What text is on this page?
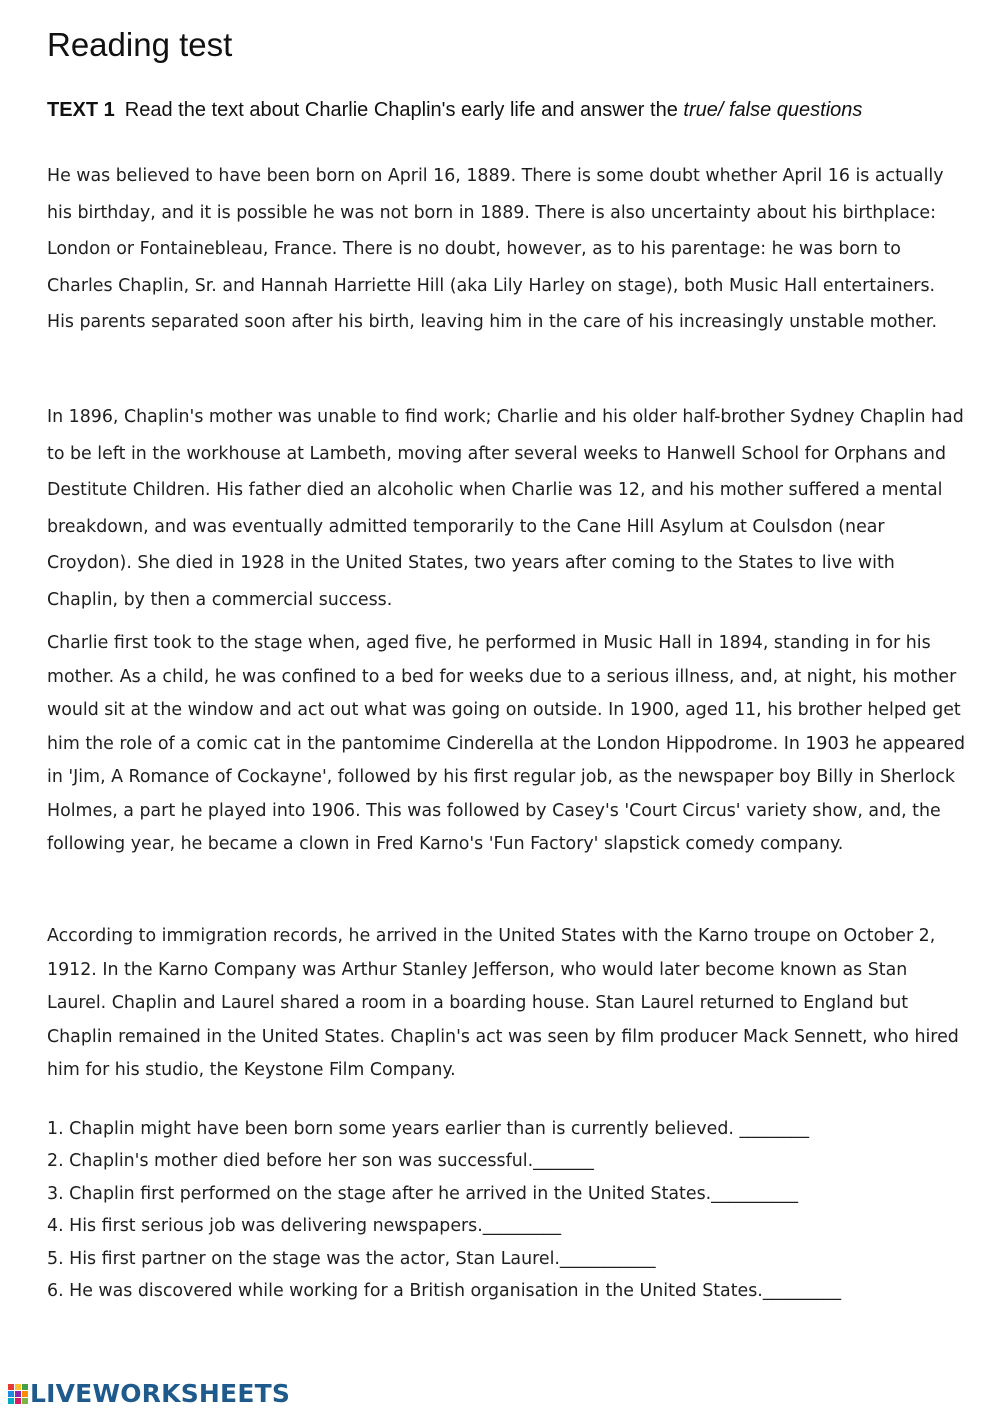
Reading test
TEXT 1 Read the text about Charlie Chaplin's early life and answer the true/ false questions

He was believed to have been born on April 16, 1889. There is some doubt whether April 16 is actually his birthday, and it is possible he was not born in 1889. There is also uncertainty about his birthplace: London or Fontainebleau, France. There is no doubt, however, as to his parentage: he was born to Charles Chaplin, Sr. and Hannah Harriette Hill (aka Lily Harley on stage), both Music Hall entertainers. His parents separated soon after his birth, leaving him in the care of his increasingly unstable mother.

In 1896, Chaplin's mother was unable to find work; Charlie and his older half-brother Sydney Chaplin had to be left in the workhouse at Lambeth, moving after several weeks to Hanwell School for Orphans and Destitute Children. His father died an alcoholic when Charlie was 12, and his mother suffered a mental breakdown, and was eventually admitted temporarily to the Cane Hill Asylum at Coulsdon (near Croydon). She died in 1928 in the United States, two years after coming to the States to live with Chaplin, by then a commercial success.

Charlie first took to the stage when, aged five, he performed in Music Hall in 1894, standing in for his mother. As a child, he was confined to a bed for weeks due to a serious illness, and, at night, his mother would sit at the window and act out what was going on outside. In 1900, aged 11, his brother helped get him the role of a comic cat in the pantomime Cinderella at the London Hippodrome. In 1903 he appeared in 'Jim, A Romance of Cockayne', followed by his first regular job, as the newspaper boy Billy in Sherlock Holmes, a part he played into 1906. This was followed by Casey's 'Court Circus' variety show, and, the following year, he became a clown in Fred Karno's 'Fun Factory' slapstick comedy company.

According to immigration records, he arrived in the United States with the Karno troupe on October 2, 1912. In the Karno Company was Arthur Stanley Jefferson, who would later become known as Stan Laurel. Chaplin and Laurel shared a room in a boarding house. Stan Laurel returned to England but Chaplin remained in the United States. Chaplin's act was seen by film producer Mack Sennett, who hired him for his studio, the Keystone Film Company.

1. Chaplin might have been born some years earlier than is currently believed. ________
2. Chaplin's mother died before her son was successful._______
3. Chaplin first performed on the stage after he arrived in the United States.__________
4. His first serious job was delivering newspapers._________
5. His first partner on the stage was the actor, Stan Laurel.___________
6. He was discovered while working for a British organisation in the United States._________
LIVEWORKSHEETS
